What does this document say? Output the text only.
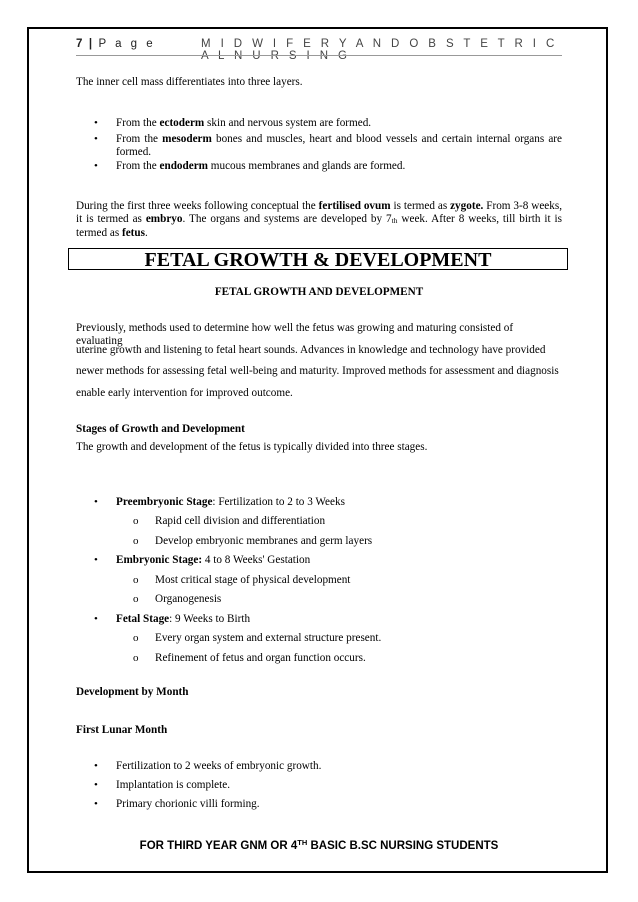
7 | P a g e	M I D W I F E R Y A N D O B S T E T R I C A L N U R S I N G
The inner cell mass differentiates into three layers.
• From the ectoderm skin and nervous system are formed.
• From the mesoderm bones and muscles, heart and blood vessels and certain internal organs are formed.
• From the endoderm mucous membranes and glands are formed.
During the first three weeks following conceptual the fertilised ovum is termed as zygote. From 3-8 weeks, it is termed as embryo. The organs and systems are developed by $7_{th}$ week. After 8 weeks, till birth it is termed as fetus.
FETAL GROWTH & DEVELOPMENT
FETAL GROWTH AND DEVELOPMENT
Previously, methods used to determine how well the fetus was growing and maturing consisted of evaluating
uterine growth and listening to fetal heart sounds. Advances in knowledge and technology have provided
newer methods for assessing fetal well-being and maturity. Improved methods for assessment and diagnosis
enable early intervention for improved outcome.
Stages of Growth and Development
The growth and development of the fetus is typically divided into three stages.
• Preembryonic Stage: Fertilization to 2 to 3 Weeks
o Rapid cell division and differentiation
o Develop embryonic membranes and germ layers
• Embryonic Stage: 4 to 8 Weeks' Gestation
o Most critical stage of physical development
o Organogenesis
• Fetal Stage: 9 Weeks to Birth
o Every organ system and external structure present.
o Refinement of fetus and organ function occurs.
Development by Month
First Lunar Month
• Fertilization to 2 weeks of embryonic growth.
• Implantation is complete.
• Primary chorionic villi forming.
FOR THIRD YEAR GNM OR 4TH BASIC B.SC NURSING STUDENTS
